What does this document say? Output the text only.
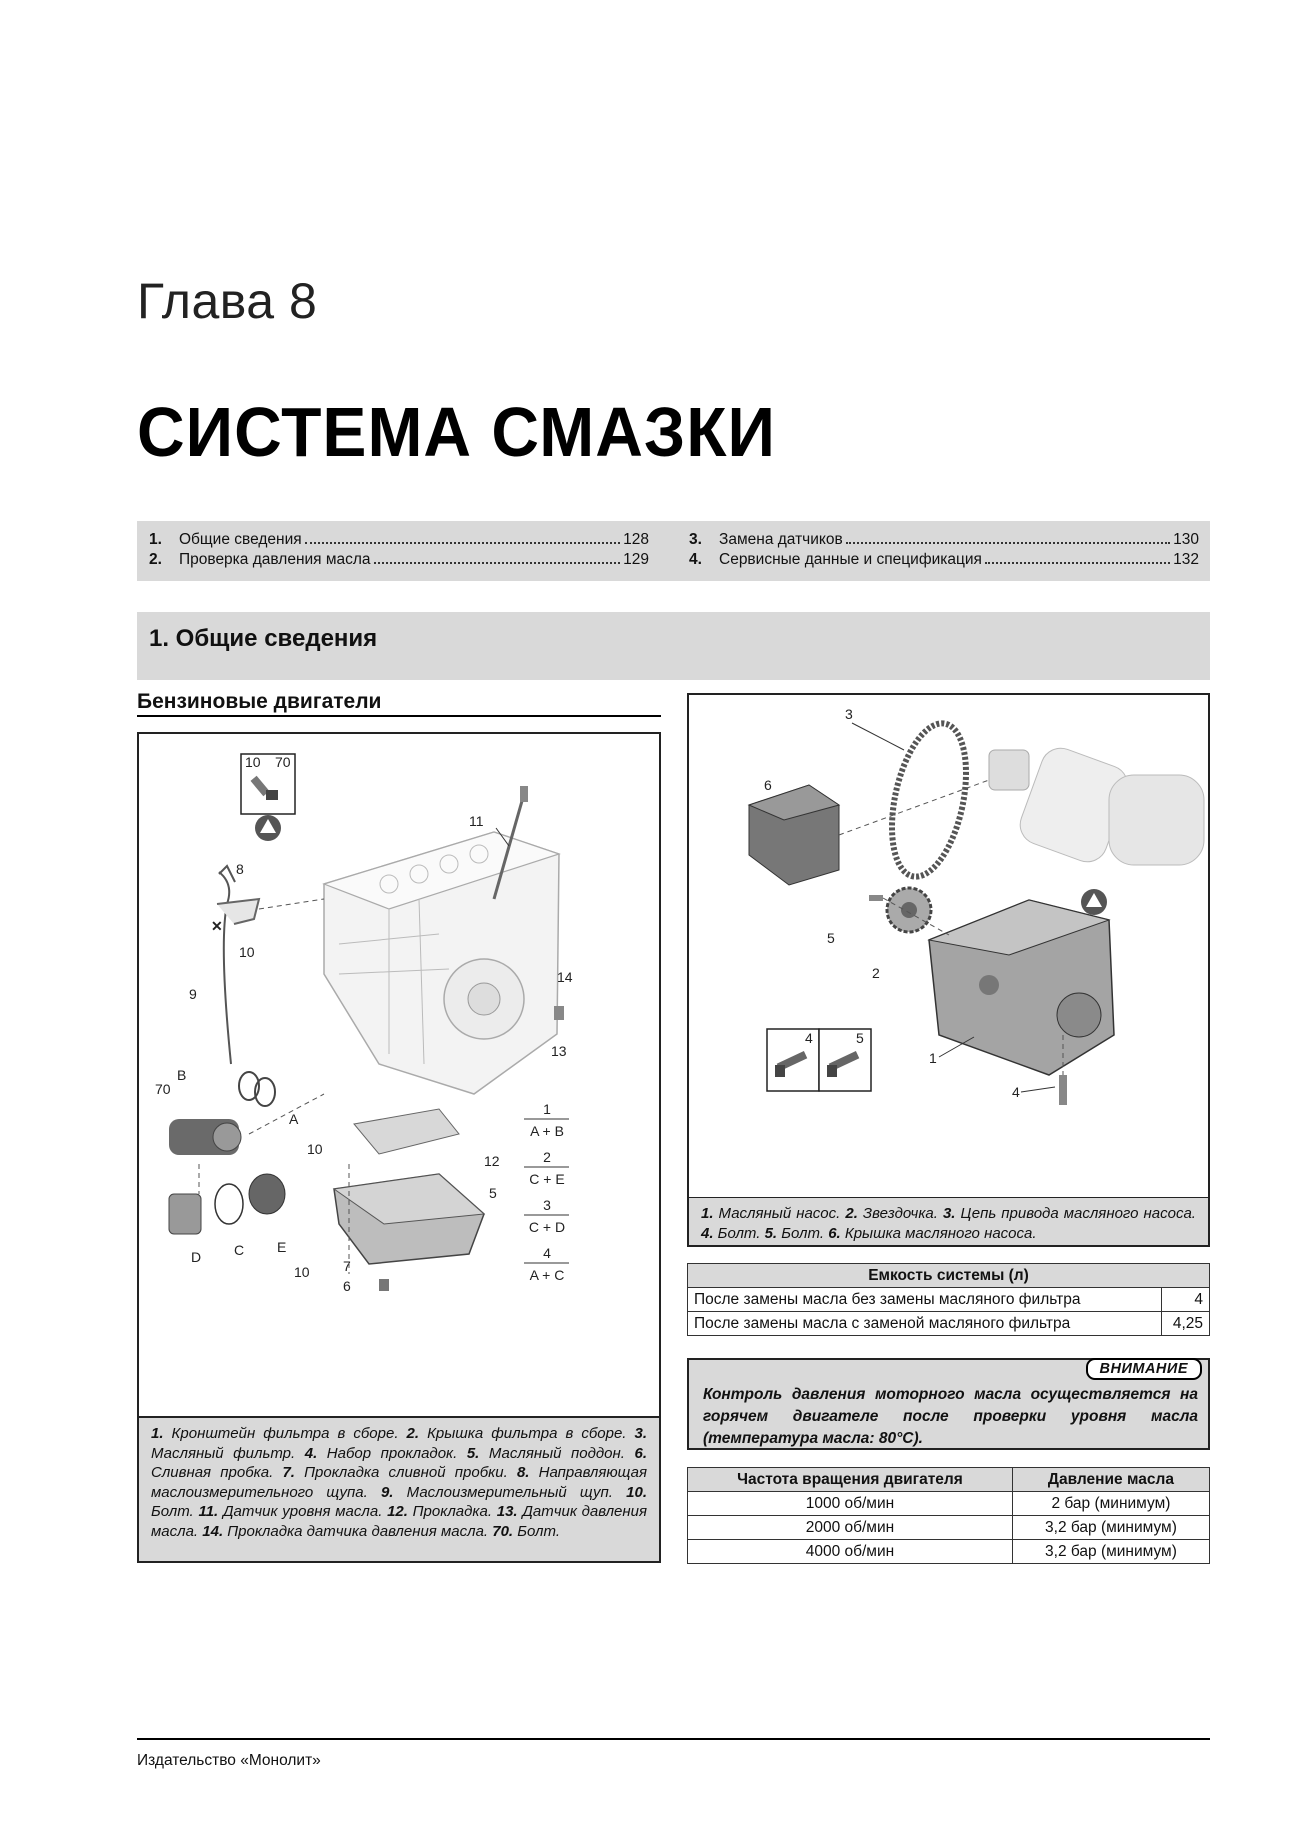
Глава 8
СИСТЕМА СМАЗКИ
1.	Общие сведения	128
2.	Проверка давления масла	129
3.	Замена датчиков	130
4.	Сервисные данные и спецификация	132
1. Общие сведения
Бензиновые двигатели
10 70
11
8
✕
10
9
14
13
B
70
A
10
12
5
10 7
6
D C E
1
A + B
2
C + E
3
C + D
4
A + C
1. Кронштейн фильтра в сборе. 2. Крышка фильтра в сборе. 3. Масляный фильтр. 4. Набор прокладок. 5. Масляный поддон. 6. Сливная пробка. 7. Прокладка сливной пробки. 8. Направляющая маслоизмерительного щупа. 9. Маслоизмерительный щуп. 10. Болт. 11. Датчик уровня масла. 12. Прокладка. 13. Датчик давления масла. 14. Прокладка датчика давления масла. 70. Болт.
3
6
5
2
1
4	5
4
1. Масляный насос. 2. Звездочка. 3. Цепь привода масляного насоса. 4. Болт. 5. Болт. 6. Крышка масляного насоса.
Емкость системы (л)	
После замены масла без замены масляного фильтра	4
После замены масла с заменой масляного фильтра	4,25
ВНИМАНИЕ
Контроль давления моторного масла осуществляется на горячем двигателе после проверки уровня масла (температура масла: 80°C).
Частота вращения двигателя	Давление масла
1000 об/мин	2 бар (минимум)
2000 об/мин	3,2 бар (минимум)
4000 об/мин	3,2 бар (минимум)
Издательство «Монолит»
